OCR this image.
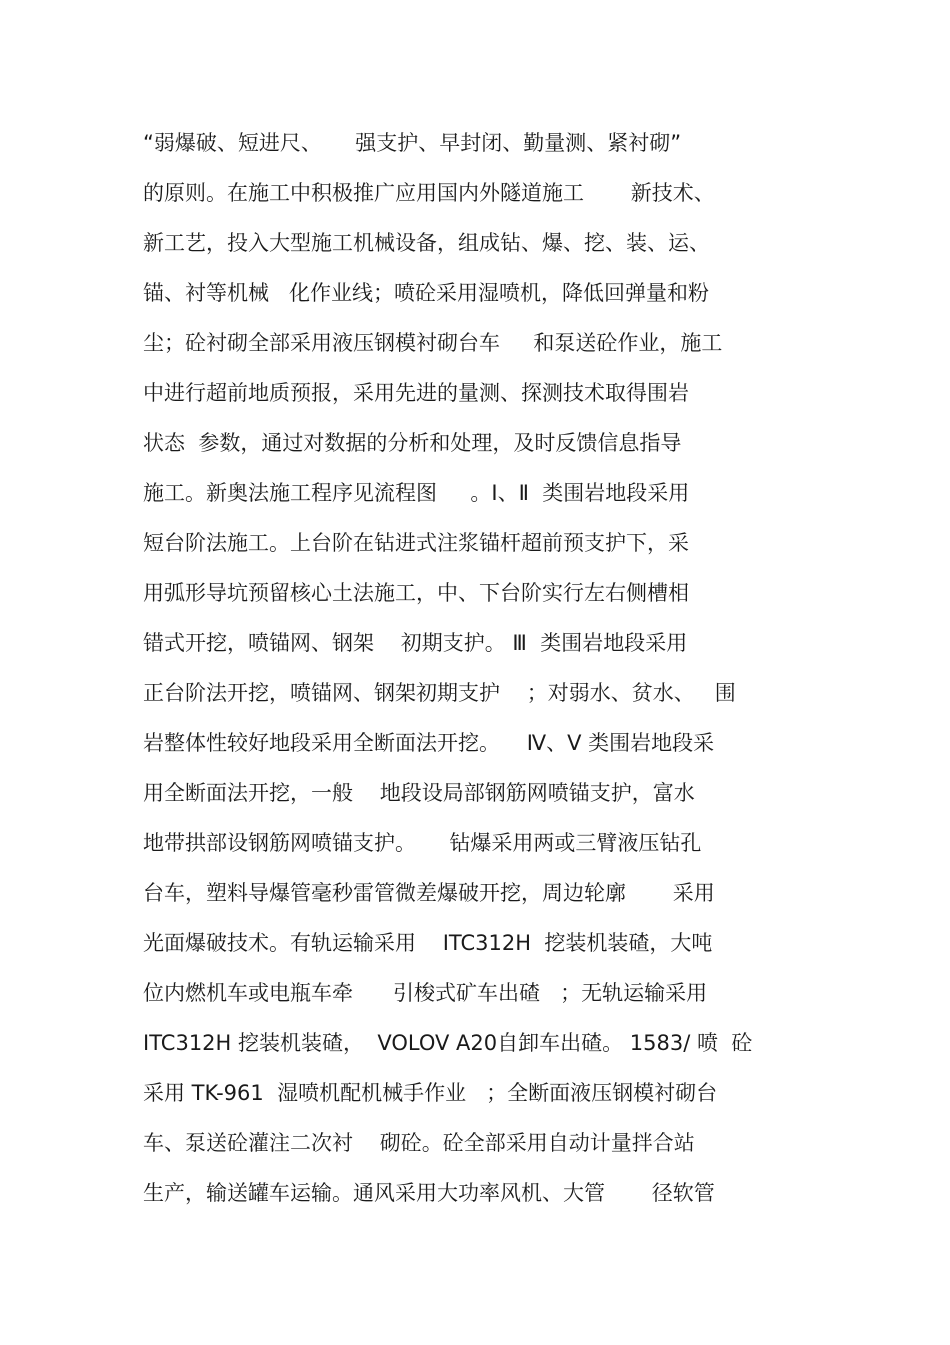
“弱爆破、短进尺、     强支护、早封闭、勤量测、紧衬砌”
的原则。在施工中积极推广应用国内外隧道施工       新技术、
新工艺，投入大型施工机械设备，组成钻、爆、挖、装、运、
锚、衬等机械   化作业线；喷砼采用湿喷机，降低回弹量和粉
尘；砼衬砌全部采用液压钢模衬砌台车     和泵送砼作业，施工
中进行超前地质预报，采用先进的量测、探测技术取得围岩
状态  参数，通过对数据的分析和处理，及时反馈信息指导
施工。新奥法施工程序见流程图     。Ⅰ、Ⅱ  类围岩地段采用
短台阶法施工。上台阶在钻进式注浆锚杆超前预支护下，采
用弧形导坑预留核心土法施工，中、下台阶实行左右侧槽相
错式开挖，喷锚网、钢架    初期支护。 Ⅲ  类围岩地段采用
正台阶法开挖，喷锚网、钢架初期支护    ；对弱水、贫水、   围
岩整体性较好地段采用全断面法开挖。    Ⅳ、Ⅴ 类围岩地段采
用全断面法开挖，一般    地段设局部钢筋网喷锚支护，富水
地带拱部设钢筋网喷锚支护。     钻爆采用两或三臂液压钻孔
台车，塑料导爆管毫秒雷管微差爆破开挖，周边轮廓       采用
光面爆破技术。有轨运输采用    ITC312H  挖装机装碴，大吨
位内燃机车或电瓶车牵      引梭式矿车出碴   ；无轨运输采用
ITC312H 挖装机装碴，  VOLOV A20自卸车出碴。 1583/ 喷  砼
采用 TK-961  湿喷机配机械手作业   ；全断面液压钢模衬砌台
车、泵送砼灌注二次衬    砌砼。砼全部采用自动计量拌合站
生产，输送罐车运输。通风采用大功率风机、大管       径软管
